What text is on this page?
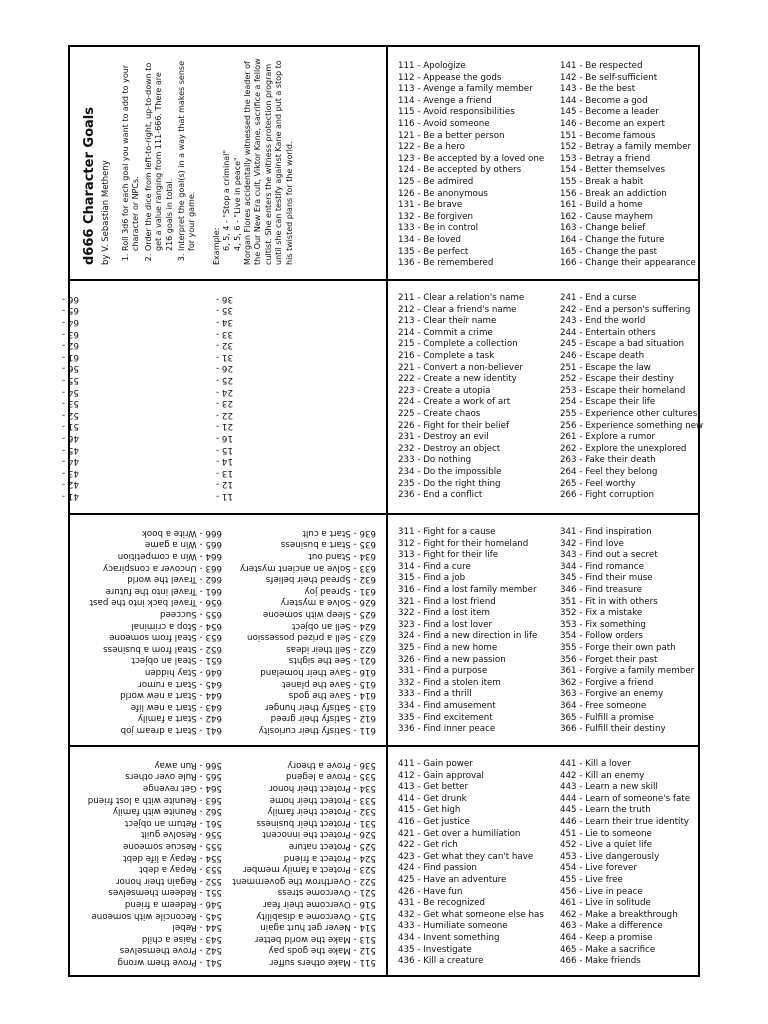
d666 Character Goals by V. Sebastian Metheny 1. Roll 3d6 for each goal you want to add to your character or NPCs. 2. Order the dice from left-to-right, up-to-down to get a value ranging from 111-666. There are 216 goals in total. 3. Interpret the goal(s) in a way that makes sense for your game. Example: 6, 5, 4 - "Stop a criminal" 4, 5, 6 - "Live in peace" Morgan Flores accidentally witnessed the leader of the Our New Era cult, Viktor Kane, sacrifice a fellow cultist. She enters the witness protection program until she can testify against Kane and put a stop to his twisted plans for the world.
11 -
12 -
13 -
14 -
15 -
16 -
21 -
22 -
23 -
24 -
25 -
26 -
31 -
32 -
33 -
34 -
35 -
36 -
41 -
42 -
43 -
44 -
45 -
46 -
51 -
52 -
53 -
54 -
55 -
56 -
61 -
62 -
63 -
64 -
65 -
66 -
611 - Satisfy their curiosity
612 - Satisfy their greed
613 - Satisfy their hunger
614 - Save the gods
615 - Save the planet
616 - Save their homeland
621 - See the sights
622 - Sell their ideas
623 - Sell a prized possession
624 - Sell an object
625 - Sleep with someone
626 - Solve a mystery
631 - Spread joy
632 - Spread their beliefs
633 - Solve an ancient mystery
634 - Stand out
635 - Start a business
636 - Start a cult
641 - Start a dream job
642 - Start a family
643 - Start a new life
644 - Start a new world
645 - Start a rumor
646 - Stay hidden
651 - Steal an object
652 - Steal from a business
653 - Steal from someone
654 - Stop a criminal
655 - Succeed
656 - Travel back into the past
661 - Travel into the future
662 - Travel the world
663 - Uncover a conspiracy
664 - Win a competition
665 - Win a game
666 - Write a book
511 - Make others suffer
512 - Make the gods pay
513 - Make the world better
514 - Never get hurt again
515 - Overcome a disability
516 - Overcome their fear
521 - Overcome stress
522 - Overthrow the government
523 - Protect a family member
524 - Protect a friend
525 - Protect nature
526 - Protect the innocent
531 - Protect their business
532 - Protect their family
533 - Protect their home
534 - Protect their honor
535 - Prove a legend
536 - Prove a theory
541 - Prove them wrong
542 - Prove themselves
543 - Raise a child
544 - Rebel
545 - Reconcile with someone
546 - Redeem a friend
551 - Redeem themselves
552 - Regain their honor
553 - Repay a debt
554 - Repay a life debt
555 - Rescue someone
556 - Resolve guilt
561 - Return an object
562 - Reunite with family
563 - Reunite with a lost friend
564 - Get revenge
565 - Rule over others
566 - Run away
111 - Apologize
112 - Appease the gods
113 - Avenge a family member
114 - Avenge a friend
115 - Avoid responsibilities
116 - Avoid someone
121 - Be a better person
122 - Be a hero
123 - Be accepted by a loved one
124 - Be accepted by others
125 - Be admired
126 - Be anonymous
131 - Be brave
132 - Be forgiven
133 - Be in control
134 - Be loved
135 - Be perfect
136 - Be remembered
141 - Be respected
142 - Be self-sufficient
143 - Be the best
144 - Become a god
145 - Become a leader
146 - Become an expert
151 - Become famous
152 - Betray a family member
153 - Betray a friend
154 - Better themselves
155 - Break a habit
156 - Break an addiction
161 - Build a home
162 - Cause mayhem
163 - Change belief
164 - Change the future
165 - Change the past
166 - Change their appearance
211 - Clear a relation's name
212 - Clear a friend's name
213 - Clear their name
214 - Commit a crime
215 - Complete a collection
216 - Complete a task
221 - Convert a non-believer
222 - Create a new identity
223 - Create a utopia
224 - Create a work of art
225 - Create chaos
226 - Fight for their belief
231 - Destroy an evil
232 - Destroy an object
233 - Do nothing
234 - Do the impossible
235 - Do the right thing
236 - End a conflict
241 - End a curse
242 - End a person's suffering
243 - End the world
244 - Entertain others
245 - Escape a bad situation
246 - Escape death
251 - Escape the law
252 - Escape their destiny
253 - Escape their homeland
254 - Escape their life
255 - Experience other cultures
256 - Experience something new
261 - Explore a rumor
262 - Explore the unexplored
263 - Fake their death
264 - Feel they belong
265 - Feel worthy
266 - Fight corruption
311 - Fight for a cause
312 - Fight for their homeland
313 - Fight for their life
314 - Find a cure
315 - Find a job
316 - Find a lost family member
321 - Find a lost friend
322 - Find a lost item
323 - Find a lost lover
324 - Find a new direction in life
325 - Find a new home
326 - Find a new passion
331 - Find a purpose
332 - Find a stolen item
333 - Find a thrill
334 - Find amusement
335 - Find excitement
336 - Find inner peace
341 - Find inspiration
342 - Find love
343 - Find out a secret
344 - Find romance
345 - Find their muse
346 - Find treasure
351 - Fit in with others
352 - Fix a mistake
353 - Fix something
354 - Follow orders
355 - Forge their own path
356 - Forget their past
361 - Forgive a family member
362 - Forgive a friend
363 - Forgive an enemy
364 - Free someone
365 - Fulfill a promise
366 - Fulfill their destiny
411 - Gain power
412 - Gain approval
413 - Get better
414 - Get drunk
415 - Get high
416 - Get justice
421 - Get over a humiliation
422 - Get rich
423 - Get what they can't have
424 - Find passion
425 - Have an adventure
426 - Have fun
431 - Be recognized
432 - Get what someone else has
433 - Humiliate someone
434 - Invent something
435 - Investigate
436 - Kill a creature
441 - Kill a lover
442 - Kill an enemy
443 - Learn a new skill
444 - Learn of someone's fate
445 - Learn the truth
446 - Learn their true identity
451 - Lie to someone
452 - Live a quiet life
453 - Live dangerously
454 - Live forever
455 - Live free
456 - Live in peace
461 - Live in solitude
462 - Make a breakthrough
463 - Make a difference
464 - Keep a promise
465 - Make a sacrifice
466 - Make friends
